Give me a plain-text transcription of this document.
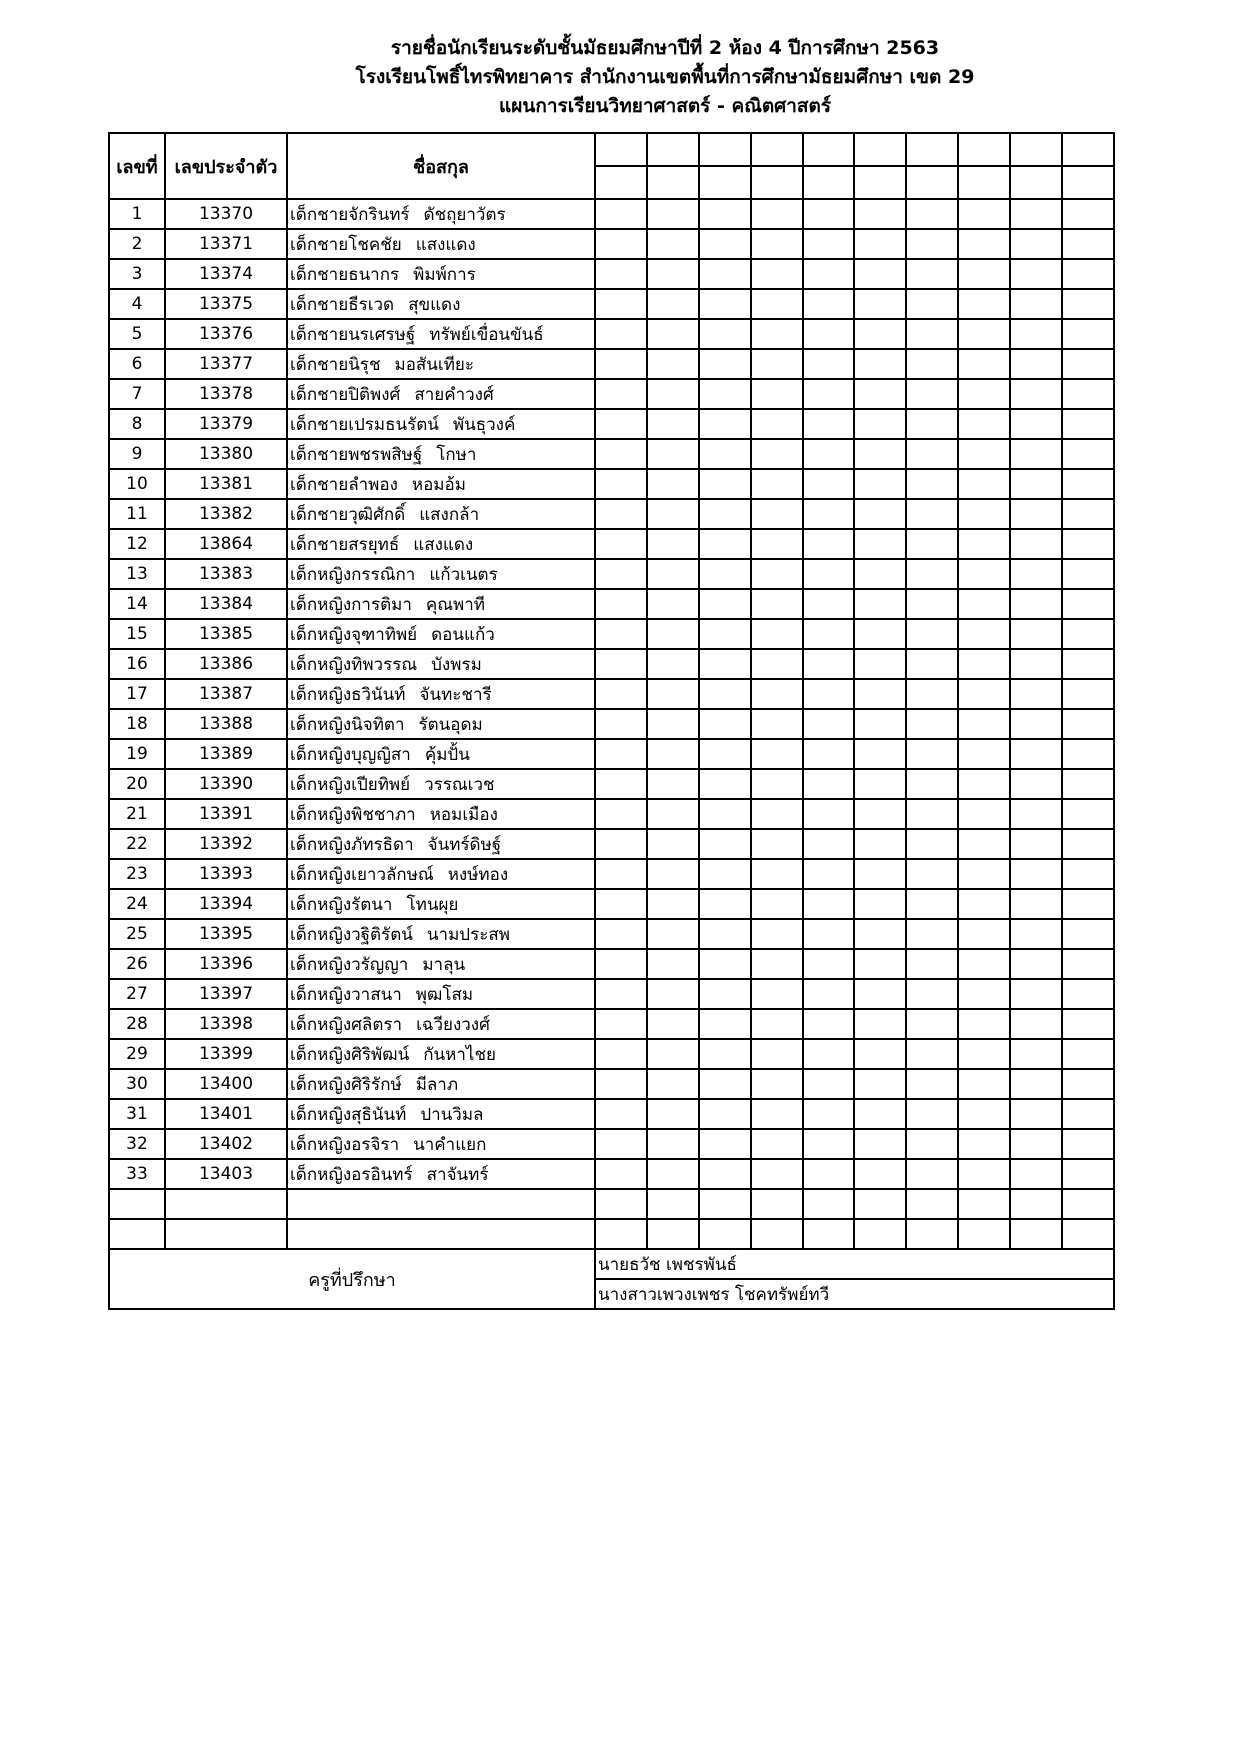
รายชื่อนักเรียนระดับชั้นมัธยมศึกษาปีที่ 2 ห้อง 4 ปีการศึกษา 2563
โรงเรียนโพธิ์ไทรพิทยาคาร สำนักงานเขตพื้นที่การศึกษามัธยมศึกษา เขต 29
แผนการเรียนวิทยาศาสตร์ - คณิตศาสตร์
เลขที่	เลขประจำตัว	ชื่อสกุล										

1	13370	เด็กชายจักรินทร์ ดัชถุยาวัตร										
2	13371	เด็กชายโชคชัย แสงแดง										
3	13374	เด็กชายธนากร พิมพ์การ										
4	13375	เด็กชายธีรเวด สุขแดง										
5	13376	เด็กชายนรเศรษฐ์ ทรัพย์เขื่อนขันธ์										
6	13377	เด็กชายนิรุช มอสันเทียะ										
7	13378	เด็กชายปิติพงศ์ สายคำวงศ์										
8	13379	เด็กชายเปรมธนรัตน์ พันธุวงค์										
9	13380	เด็กชายพชรพสิษฐ์ โกษา										
10	13381	เด็กชายลำพอง หอมอ้ม										
11	13382	เด็กชายวุฒิศักดิ์ แสงกล้า										
12	13864	เด็กชายสรยุทธ์ แสงแดง										
13	13383	เด็กหญิงกรรณิกา แก้วเนตร										
14	13384	เด็กหญิงการติมา คุณพาที										
15	13385	เด็กหญิงจุฑาทิพย์ ดอนแก้ว										
16	13386	เด็กหญิงทิพวรรณ บังพรม										
17	13387	เด็กหญิงธวินันท์ จันทะชารี										
18	13388	เด็กหญิงนิจทิตา รัตนอุดม										
19	13389	เด็กหญิงบุญญิสา คุ้มปั้น										
20	13390	เด็กหญิงเปียทิพย์ วรรณเวช										
21	13391	เด็กหญิงพิชชาภา หอมเมือง										
22	13392	เด็กหญิงภัทรธิดา จันทร์ดิษฐ์										
23	13393	เด็กหญิงเยาวลักษณ์ หงษ์ทอง										
24	13394	เด็กหญิงรัตนา โทนผุย										
25	13395	เด็กหญิงวฐิติรัตน์ นามประสพ										
26	13396	เด็กหญิงวรัญญา มาลุน										
27	13397	เด็กหญิงวาสนา พุฒโสม										
28	13398	เด็กหญิงศลิตรา เฉวียงวงศ์										
29	13399	เด็กหญิงศิริพัฒน์ กันหาไชย										
30	13400	เด็กหญิงศิริรักษ์ มีลาภ										
31	13401	เด็กหญิงสุธินันท์ ปานวิมล										
32	13402	เด็กหญิงอรจิรา นาคำแยก										
33	13403	เด็กหญิงอรอินทร์ สาจันทร์										

ครูที่ปรึกษา			นายธวัช เพชรพันธ์									
			นางสาวเพวงเพชร โชคทรัพย์ทวี									
